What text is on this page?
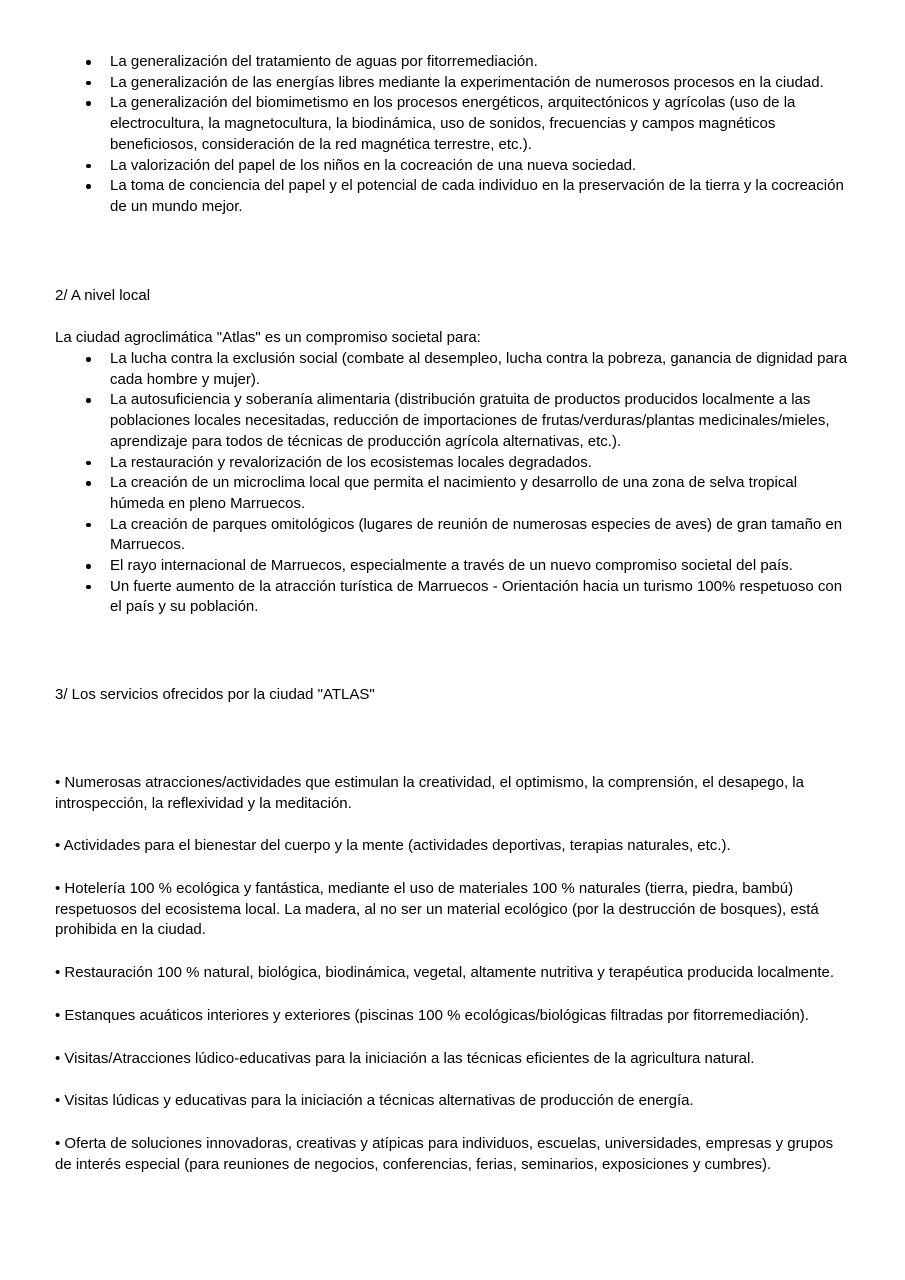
La generalización del tratamiento de aguas por fitorremediación.
La generalización de las energías libres mediante la experimentación de numerosos procesos en la ciudad.
La generalización del biomimetismo en los procesos energéticos, arquitectónicos y agrícolas (uso de la electrocultura, la magnetocultura, la biodinámica, uso de sonidos, frecuencias y campos magnéticos beneficiosos, consideración de la red magnética terrestre, etc.).
La valorización del papel de los niños en la cocreación de una nueva sociedad.
La toma de conciencia del papel y el potencial de cada individuo en la preservación de la tierra y la cocreación de un mundo mejor.
2/ A nivel local

La ciudad agroclimática "Atlas" es un compromiso societal para:

La lucha contra la exclusión social (combate al desempleo, lucha contra la pobreza, ganancia de dignidad para cada hombre y mujer).
La autosuficiencia y soberanía alimentaria (distribución gratuita de productos producidos localmente a las poblaciones locales necesitadas, reducción de importaciones de frutas/verduras/plantas medicinales/mieles, aprendizaje para todos de técnicas de producción agrícola alternativas, etc.).
La restauración y revalorización de los ecosistemas locales degradados.
La creación de un microclima local que permita el nacimiento y desarrollo de una zona de selva tropical húmeda en pleno Marruecos.
La creación de parques omitológicos (lugares de reunión de numerosas especies de aves) de gran tamaño en Marruecos.
El rayo internacional de Marruecos, especialmente a través de un nuevo compromiso societal del país.
Un fuerte aumento de la atracción turística de Marruecos - Orientación hacia un turismo 100% respetuoso con el país y su población.
3/ Los servicios ofrecidos por la ciudad "ATLAS"

• Numerosas atracciones/actividades que estimulan la creatividad, el optimismo, la comprensión, el desapego, la introspección, la reflexividad y la meditación.

• Actividades para el bienestar del cuerpo y la mente (actividades deportivas, terapias naturales, etc.).

• Hotelería 100 % ecológica y fantástica, mediante el uso de materiales 100 % naturales (tierra, piedra, bambú) respetuosos del ecosistema local. La madera, al no ser un material ecológico (por la destrucción de bosques), está prohibida en la ciudad.

• Restauración 100 % natural, biológica, biodinámica, vegetal, altamente nutritiva y terapéutica producida localmente.

• Estanques acuáticos interiores y exteriores (piscinas 100 % ecológicas/biológicas filtradas por fitorremediación).

• Visitas/Atracciones lúdico-educativas para la iniciación a las técnicas eficientes de la agricultura natural.

• Visitas lúdicas y educativas para la iniciación a técnicas alternativas de producción de energía.

• Oferta de soluciones innovadoras, creativas y atípicas para individuos, escuelas, universidades, empresas y grupos de interés especial (para reuniones de negocios, conferencias, ferias, seminarios, exposiciones y cumbres).
